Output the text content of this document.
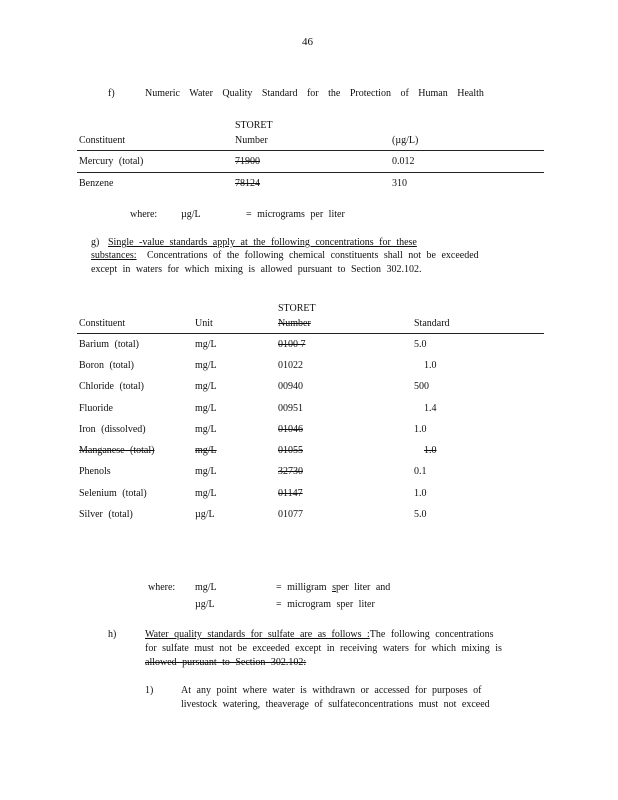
46
f)	Numeric Water Quality Standard for the Protection of Human Health
STORET
Constituent	Number	(µg/L)
Mercury (total)	71900	0.012
Benzene	78124	310
where: µg/L	= micrograms per liter
g) Single -value standards apply at the following concentrations for these
substances: Concentrations of the following chemical constituents shall not be exceeded
except in waters for which mixing is allowed pursuant to Section 302.102.
STORET
Constituent	Unit	Number	Standard
Barium (total)	mg/L	0100 7	5.0
Boron (total)	mg/L	01022	1.0
Chloride (total)	mg/L	00940	500
Fluoride	mg/L	00951	1.4
Iron (dissolved)	mg/L	01046	1.0
Manganese (total)	mg/L	01055	1.0
Phenols	mg/L	32730	0.1
Selenium (total)	mg/L	01147	1.0
Silver (total)	µg/L	01077	5.0
where: mg/L	= milligram sper liter and
µg/L	= microgram sper liter
h)	Water quality standards for sulfate are as follows :The following concentrations
for sulfate must not be exceeded except in receiving waters for which mixing is
allowed pursuant to Section 302.102:
1)	At any point where water is withdrawn or accessed for purposes of
livestock watering, theaverage of sulfateconcentrations must not exceed
